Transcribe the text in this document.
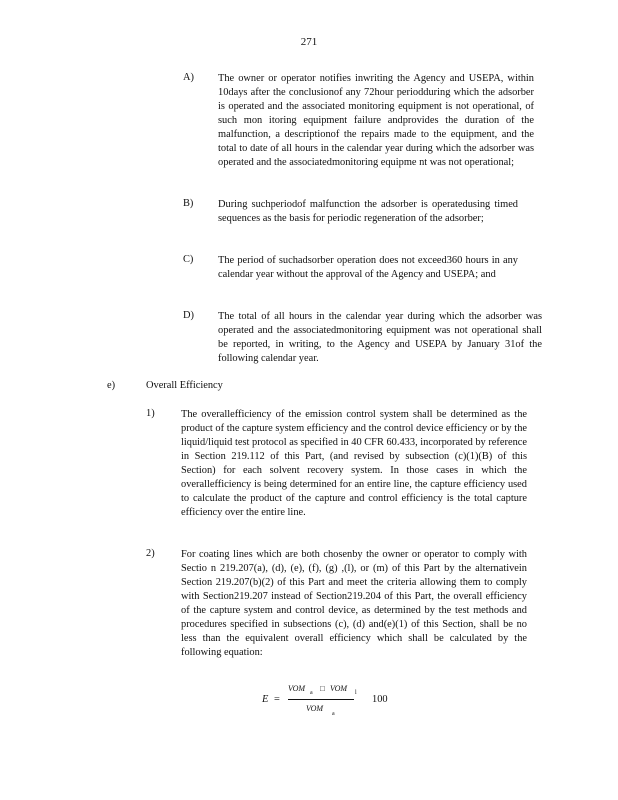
271
A) The owner or operator notifies inwriting the Agency and USEPA, within 10days after the conclusionof any 72hour periodduring which the adsorber is operated and the associated monitoring equipment is not operational, of such mon itoring equipment failure andprovides the duration of the malfunction, a descriptionof the repairs made to the equipment, and the total to date of all hours in the calendar year during which the adsorber was operated and the associatedmonitoring equipme nt was not operational;
B) During suchperiodof malfunction the adsorber is operatedusing timed sequences as the basis for periodic regeneration of the adsorber;
C) The period of suchadsorber operation does not exceed360 hours in any calendar year without the approval of the Agency and USEPA; and
D) The total of all hours in the calendar year during which the adsorber was operated and the associatedmonitoring equipment was not operational shall be reported, in writing, to the Agency and USEPA by January 31of the following calendar year.
e)	Overall Efficiency
1)	The overallefficiency of the emission control system shall be determined as the product of the capture system efficiency and the control device efficiency or by the liquid/liquid test protocol as specified in 40 CFR 60.433, incorporated by reference in Section 219.112 of this Part, (and revised by subsection (c)(1)(B) of this Section) for each solvent recovery system. In those cases in which the overallefficiency is being determined for an entire line, the capture efficiency used to calculate the product of the capture and control efficiency is the total capture efficiency over the entire line.
2)	For coating lines which are both chosenby the owner or operator to comply with Sectio n 219.207(a), (d), (e), (f), (g) ,(l), or (m) of this Part by the alternativein Section 219.207(b)(2) of this Part and meet the criteria allowing them to comply with Section219.207 instead of Section219.204 of this Part, the overall efficiency of the capture system and control device, as determined by the test methods and procedures specified in subsections (c), (d) and(e)(1) of this Section, shall be no less than the equivalent overall efficiency which shall be calculated by the following equation:
E =
VOM a □ VOM l
VOM
a
100
